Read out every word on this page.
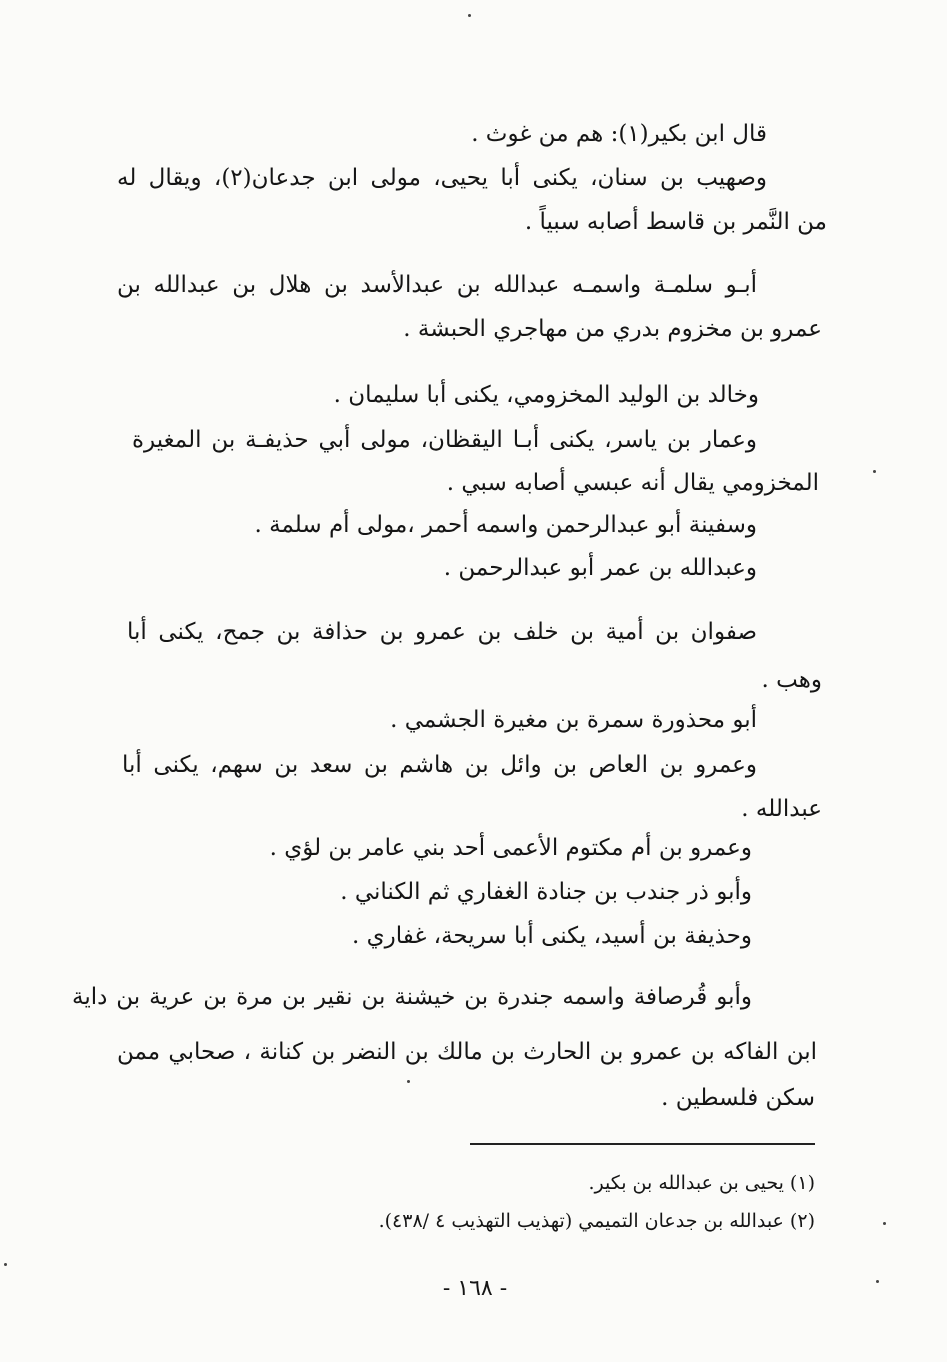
قال ابن بكير(١): هم من غوث .
وصهيب بن سنان، يكنى أبا يحيى، مولى ابن جدعان(٢)، ويقال له
من النَّمر بن قاسط أصابه سبياً .
أبـو سلمـة واسمـه عبدالله بن عبدالأسد بن هلال بن عبدالله بن
عمرو بن مخزوم بدري من مهاجري الحبشة .
وخالد بن الوليد المخزومي، يكنى أبا سليمان .
وعمار بن ياسر، يكنى أبـا اليقظان، مولى أبي حذيفـة بن المغيرة
المخزومي يقال أنه عبسي أصابه سبي .
وسفينة أبو عبدالرحمن واسمه أحمر ،مولى أم سلمة .
وعبدالله بن عمر أبو عبدالرحمن .
صفوان بن أمية بن خلف بن عمرو بن حذافة بن جمح، يكنى أبا
وهب .
أبو محذورة سمرة بن مغيرة الجشمي .
وعمرو بن العاص بن وائل بن هاشم بن سعد بن سهم، يكنى أبا
عبدالله .
وعمرو بن أم مكتوم الأعمى أحد بني عامر بن لؤي .
وأبو ذر جندب بن جنادة الغفاري ثم الكناني .
وحذيفة بن أسيد، يكنى أبا سريحة، غفاري .
وأبو قُرصافة واسمه جندرة بن خيشنة بن نقير بن مرة بن عرية بن داية
ابن الفاكه بن عمرو بن الحارث بن مالك بن النضر بن كنانة ، صحابي ممن
سكن فلسطين .
(١) يحيى بن عبدالله بن بكير.
(٢) عبدالله بن جدعان التميمي (تهذيب التهذيب ٤ /٤٣٨).
- ١٦٨ -
